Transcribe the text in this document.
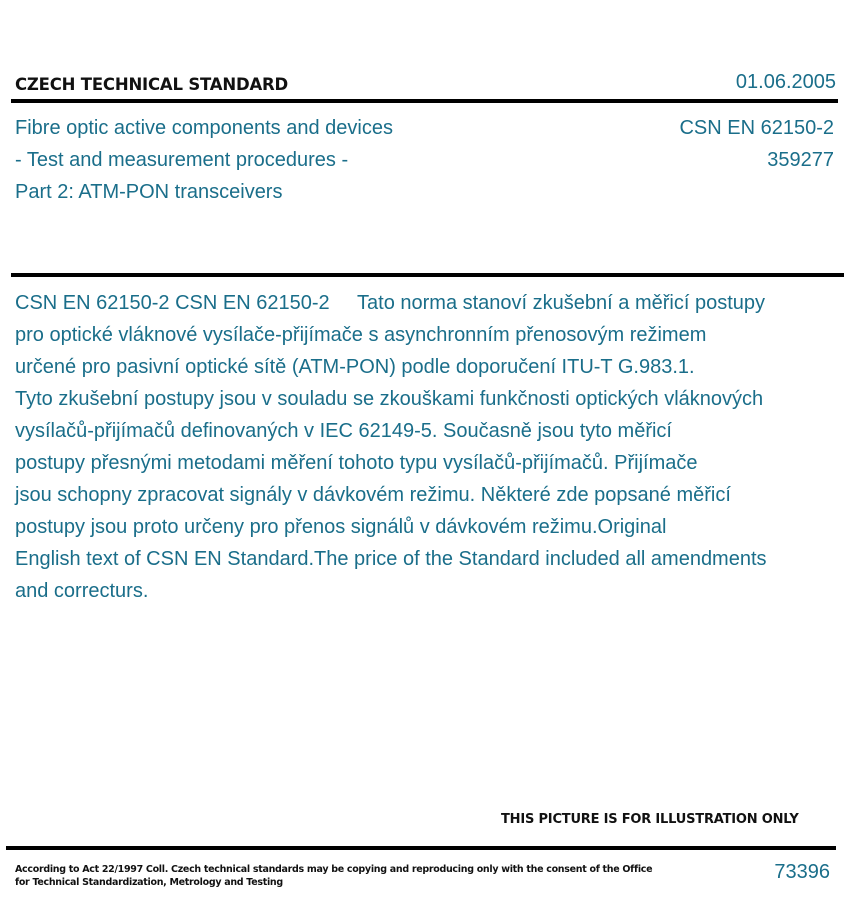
CZECH TECHNICAL STANDARD	01.06.2005
Fibre optic active components and devices
- Test and measurement procedures -
Part 2: ATM-PON transceivers
CSN EN 62150-2
359277
CSN EN 62150-2 CSN EN 62150-2     Tato norma stanoví zkušební a měřicí postupy
pro optické vláknové vysílače-přijímače s asynchronním přenosovým režimem
určené pro pasivní optické sítě (ATM-PON) podle doporučení ITU-T G.983.1.
Tyto zkušební postupy jsou v souladu se zkouškami funkčnosti optických vláknových
vysílačů-přijímačů definovaných v IEC 62149-5. Současně jsou tyto měřicí
postupy přesnými metodami měření tohoto typu vysílačů-přijímačů. Přijímače
jsou schopny zpracovat signály v dávkovém režimu. Některé zde popsané měřicí
postupy jsou proto určeny pro přenos signálů v dávkovém režimu.Original
English text of CSN EN Standard.The price of the Standard included all amendments
and correcturs.
THIS PICTURE IS FOR ILLUSTRATION ONLY
According to Act 22/1997 Coll. Czech technical standards may be copying and reproducing only with the consent of the Office
for Technical Standardization, Metrology and Testing	73396
